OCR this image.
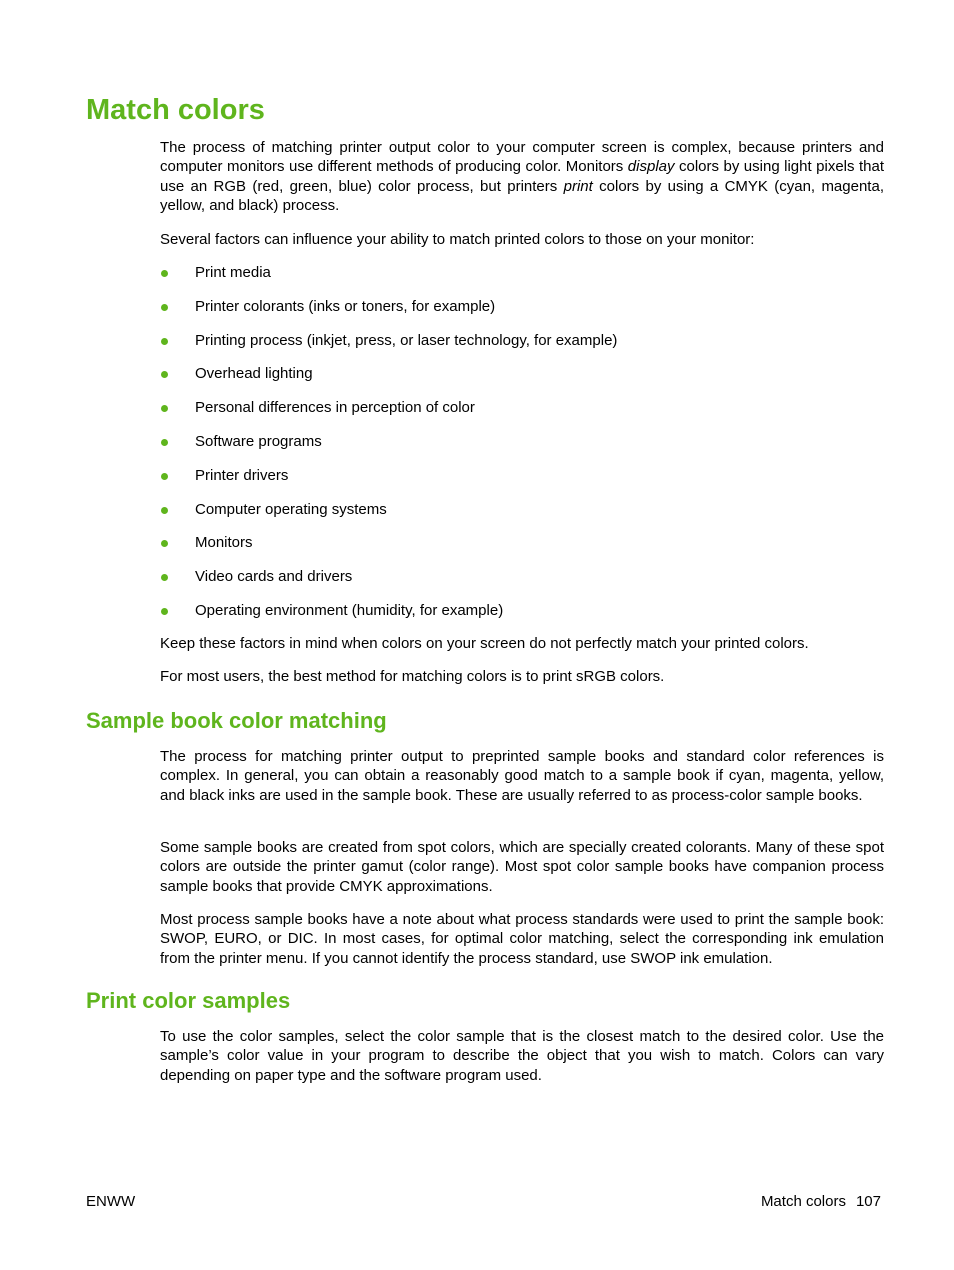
Match colors

The process of matching printer output color to your computer screen is complex, because printers and computer monitors use different methods of producing color. Monitors display colors by using light pixels that use an RGB (red, green, blue) color process, but printers print colors by using a CMYK (cyan, magenta, yellow, and black) process.

Several factors can influence your ability to match printed colors to those on your monitor:

Print media
Printer colorants (inks or toners, for example)
Printing process (inkjet, press, or laser technology, for example)
Overhead lighting
Personal differences in perception of color
Software programs
Printer drivers
Computer operating systems
Monitors
Video cards and drivers
Operating environment (humidity, for example)

Keep these factors in mind when colors on your screen do not perfectly match your printed colors.

For most users, the best method for matching colors is to print sRGB colors.

Sample book color matching

The process for matching printer output to preprinted sample books and standard color references is complex. In general, you can obtain a reasonably good match to a sample book if cyan, magenta, yellow, and black inks are used in the sample book. These are usually referred to as process-color sample books.

Some sample books are created from spot colors, which are specially created colorants. Many of these spot colors are outside the printer gamut (color range). Most spot color sample books have companion process sample books that provide CMYK approximations.

Most process sample books have a note about what process standards were used to print the sample book: SWOP, EURO, or DIC. In most cases, for optimal color matching, select the corresponding ink emulation from the printer menu. If you cannot identify the process standard, use SWOP ink emulation.

Print color samples

To use the color samples, select the color sample that is the closest match to the desired color. Use the sample’s color value in your program to describe the object that you wish to match. Colors can vary depending on paper type and the software program used.

ENWW	Match colors 107
